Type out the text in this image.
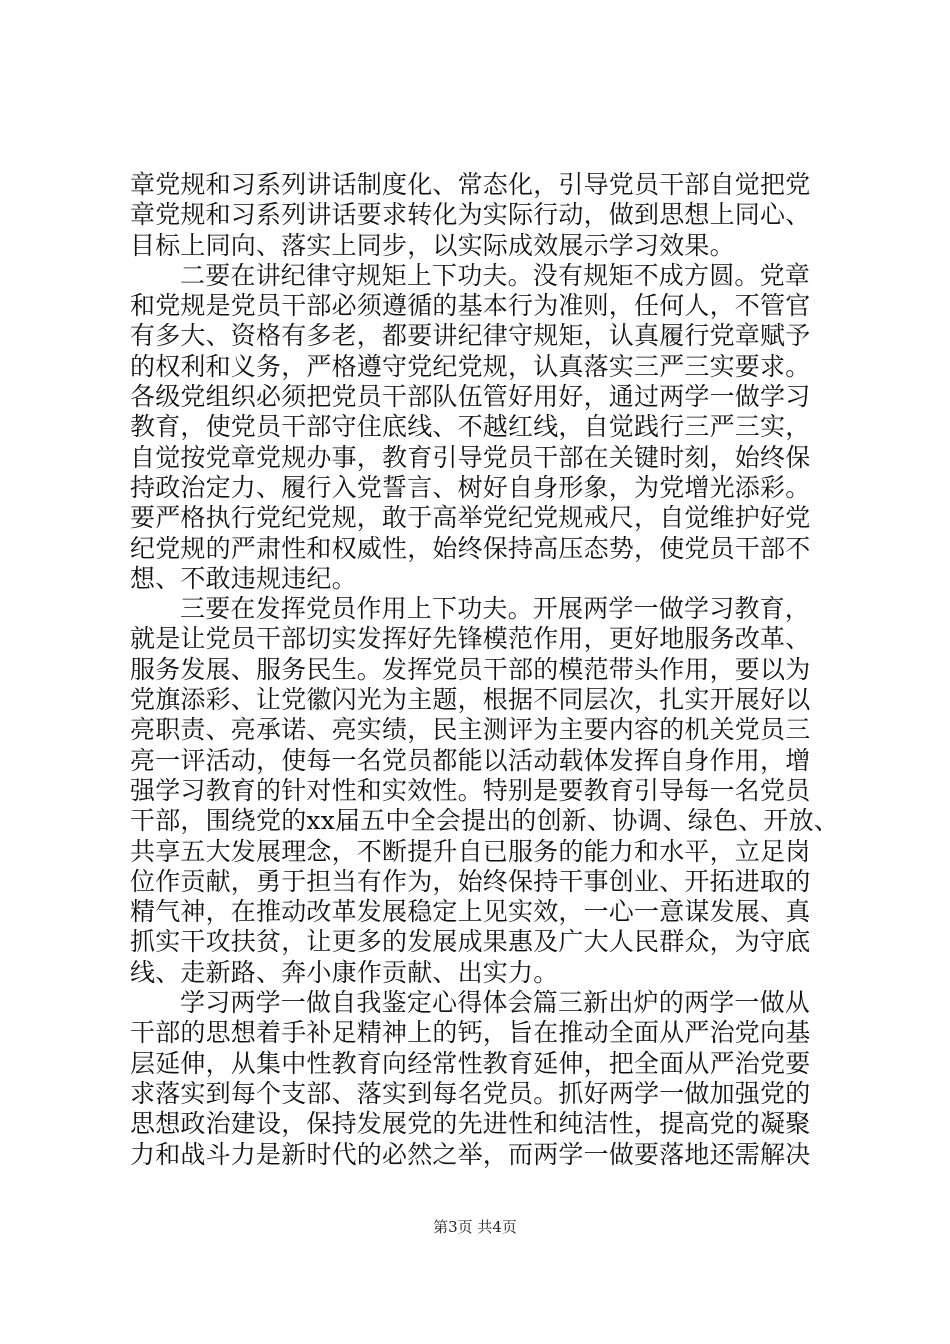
章党规和习系列讲话制度化、常态化，引导党员干部自觉把党
章党规和习系列讲话要求转化为实际行动，做到思想上同心、
目标上同向、落实上同步，以实际成效展示学习效果。
二要在讲纪律守规矩上下功夫。没有规矩不成方圆。党章
和党规是党员干部必须遵循的基本行为准则，任何人，不管官
有多大、资格有多老，都要讲纪律守规矩，认真履行党章赋予
的权利和义务，严格遵守党纪党规，认真落实三严三实要求。
各级党组织必须把党员干部队伍管好用好，通过两学一做学习
教育，使党员干部守住底线、不越红线，自觉践行三严三实，
自觉按党章党规办事，教育引导党员干部在关键时刻，始终保
持政治定力、履行入党誓言、树好自身形象，为党增光添彩。
要严格执行党纪党规，敢于高举党纪党规戒尺，自觉维护好党
纪党规的严肃性和权威性，始终保持高压态势，使党员干部不
想、不敢违规违纪。
三要在发挥党员作用上下功夫。开展两学一做学习教育，
就是让党员干部切实发挥好先锋模范作用，更好地服务改革、
服务发展、服务民生。发挥党员干部的模范带头作用，要以为
党旗添彩、让党徽闪光为主题，根据不同层次，扎实开展好以
亮职责、亮承诺、亮实绩，民主测评为主要内容的机关党员三
亮一评活动，使每一名党员都能以活动载体发挥自身作用，增
强学习教育的针对性和实效性。特别是要教育引导每一名党员
干部，围绕党的xx届五中全会提出的创新、协调、绿色、开放、
共享五大发展理念，不断提升自已服务的能力和水平，立足岗
位作贡献，勇于担当有作为，始终保持干事创业、开拓进取的
精气神，在推动改革发展稳定上见实效，一心一意谋发展、真
抓实干攻扶贫，让更多的发展成果惠及广大人民群众，为守底
线、走新路、奔小康作贡献、出实力。
学习两学一做自我鉴定心得体会篇三新出炉的两学一做从
干部的思想着手补足精神上的钙，旨在推动全面从严治党向基
层延伸，从集中性教育向经常性教育延伸，把全面从严治党要
求落实到每个支部、落实到每名党员。抓好两学一做加强党的
思想政治建设，保持发展党的先进性和纯洁性，提高党的凝聚
力和战斗力是新时代的必然之举，而两学一做要落地还需解决
第3页 共4页
